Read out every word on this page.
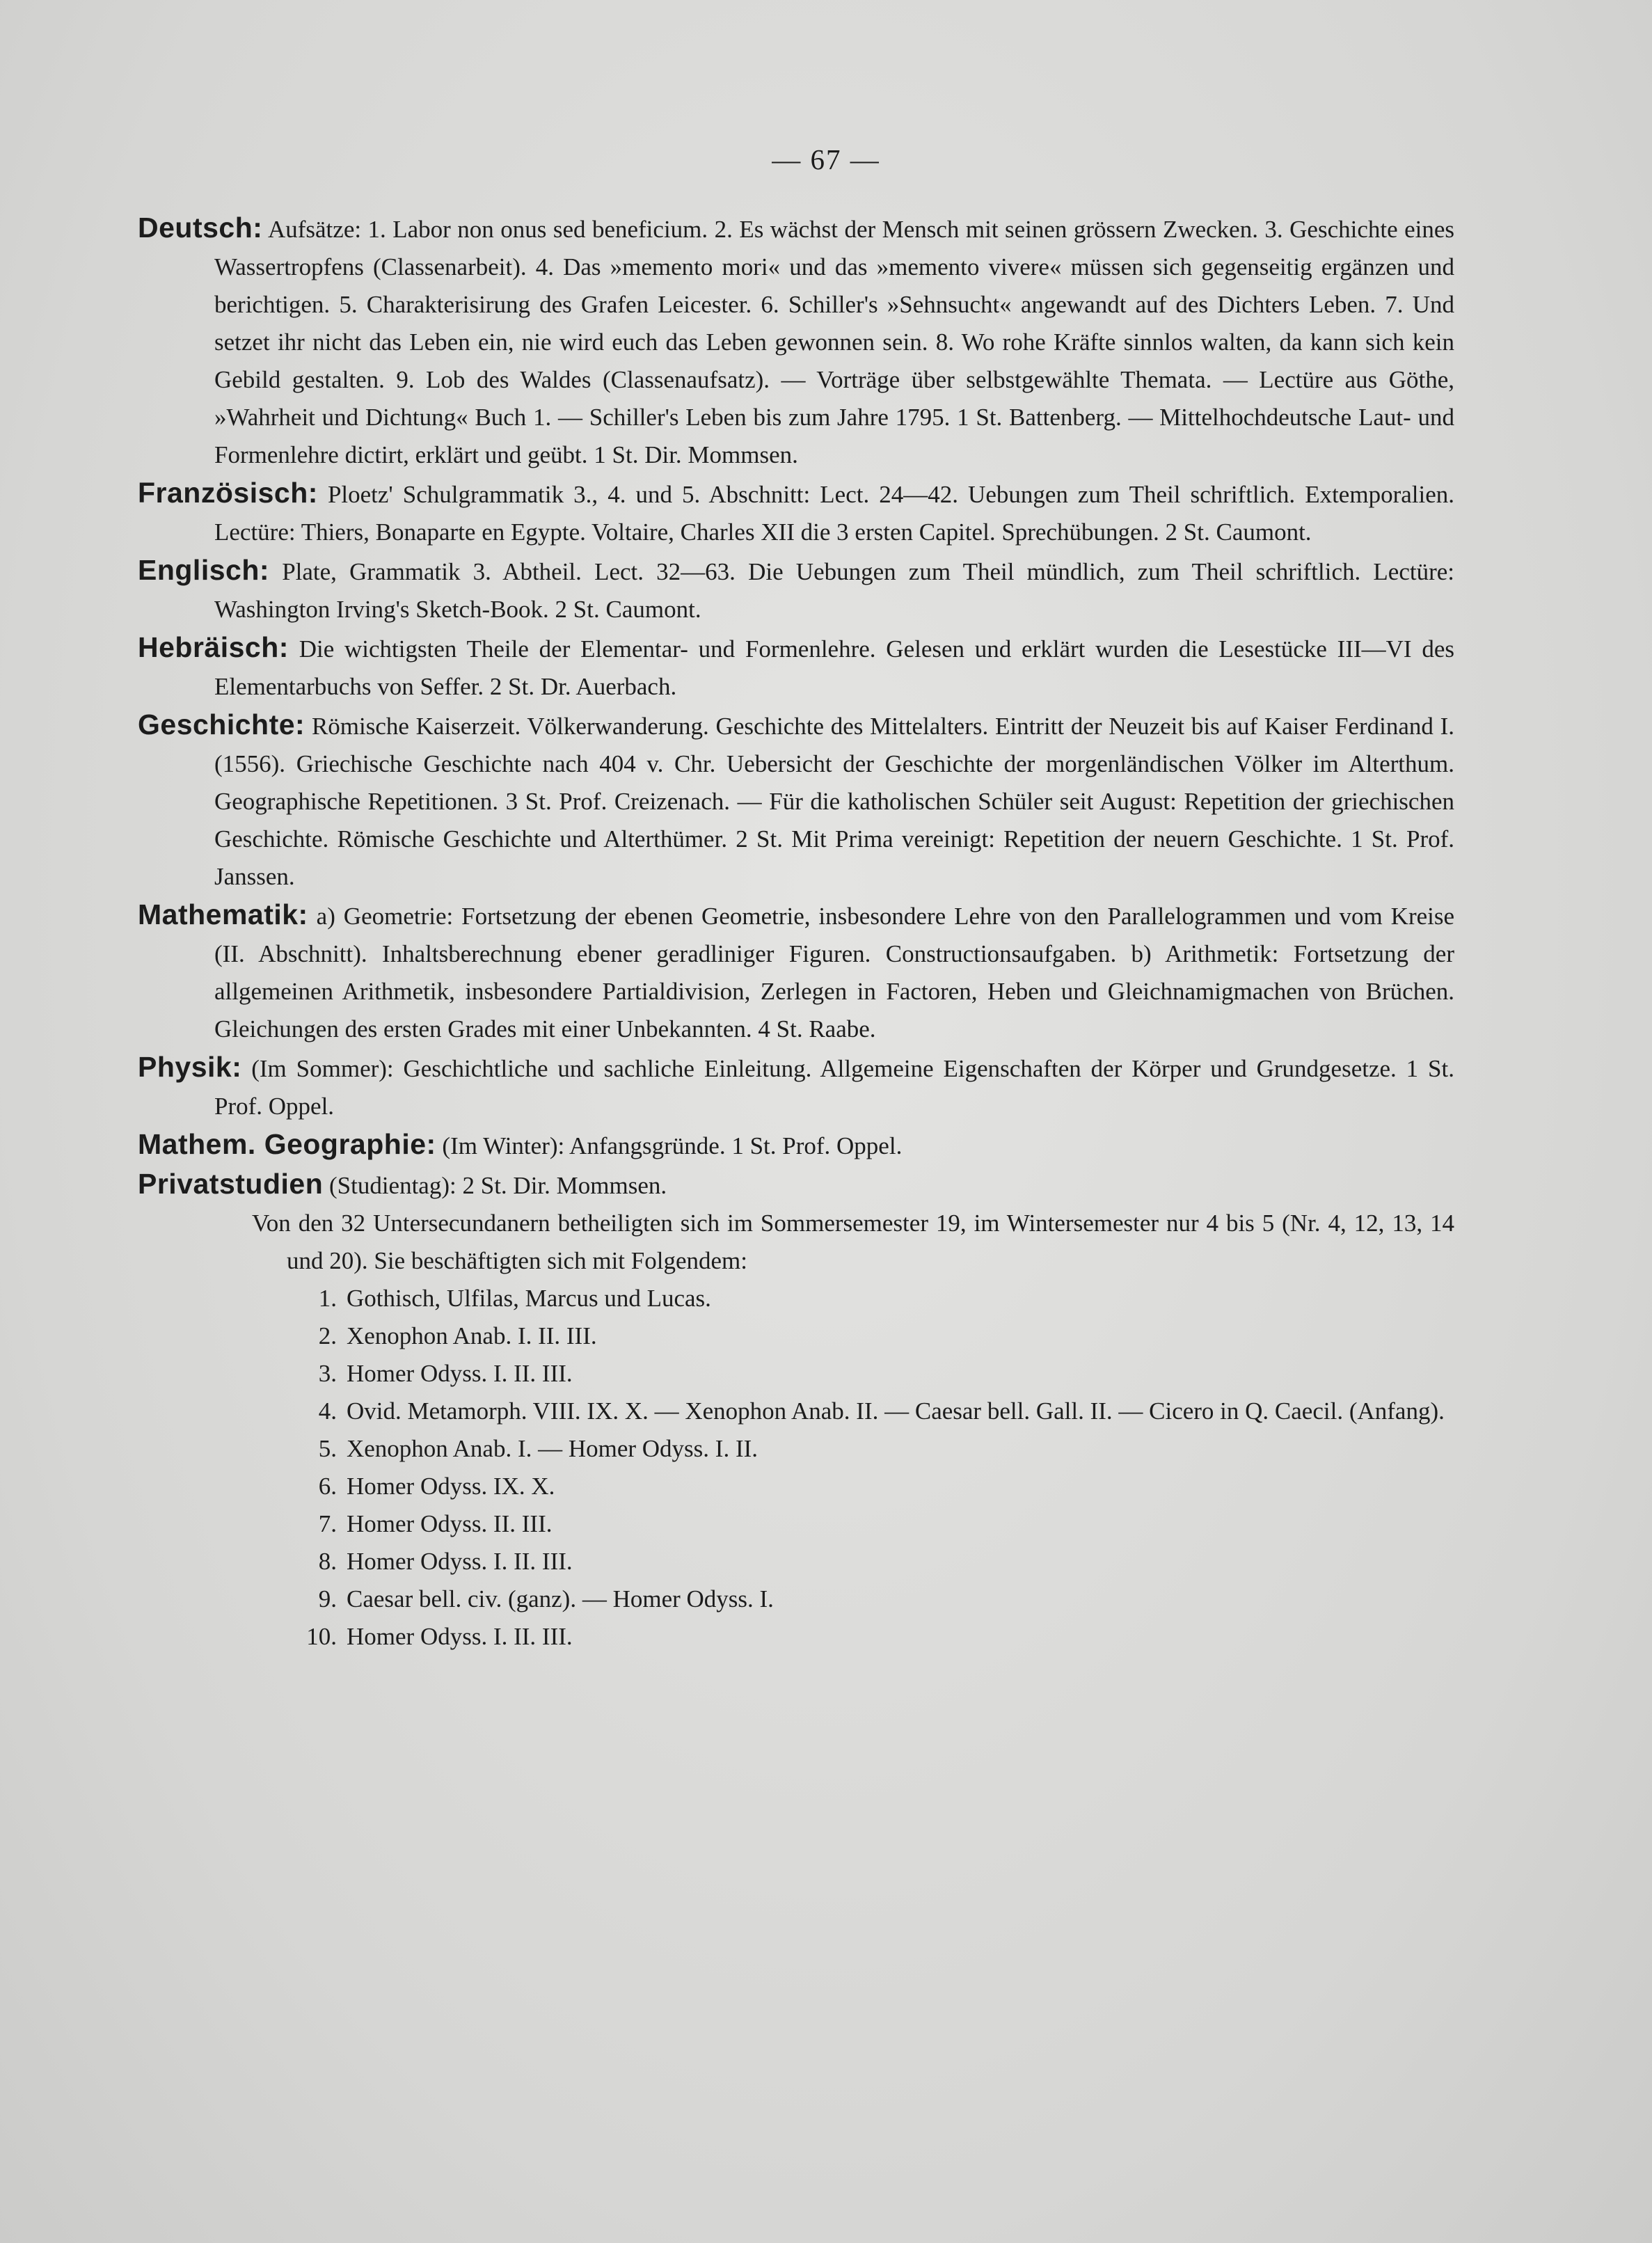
— 67 —

Deutsch: Aufsätze: 1. Labor non onus sed beneficium. 2. Es wächst der Mensch mit seinen grössern Zwecken. 3. Geschichte eines Wassertropfens (Classenarbeit). 4. Das »memento mori« und das »memento vivere« müssen sich gegenseitig ergänzen und berichtigen. 5. Charakterisirung des Grafen Leicester. 6. Schiller's »Sehnsucht« angewandt auf des Dichters Leben. 7. Und setzet ihr nicht das Leben ein, nie wird euch das Leben gewonnen sein. 8. Wo rohe Kräfte sinnlos walten, da kann sich kein Gebild gestalten. 9. Lob des Waldes (Classenaufsatz). — Vorträge über selbstgewählte Themata. — Lectüre aus Göthe, »Wahrheit und Dichtung« Buch 1. — Schiller's Leben bis zum Jahre 1795. 1 St. Battenberg. — Mittelhochdeutsche Laut- und Formenlehre dictirt, erklärt und geübt. 1 St. Dir. Mommsen.

Französisch: Ploetz' Schulgrammatik 3., 4. und 5. Abschnitt: Lect. 24—42. Uebungen zum Theil schriftlich. Extemporalien. Lectüre: Thiers, Bonaparte en Egypte. Voltaire, Charles XII die 3 ersten Capitel. Sprechübungen. 2 St. Caumont.

Englisch: Plate, Grammatik 3. Abtheil. Lect. 32—63. Die Uebungen zum Theil mündlich, zum Theil schriftlich. Lectüre: Washington Irving's Sketch-Book. 2 St. Caumont.

Hebräisch: Die wichtigsten Theile der Elementar- und Formenlehre. Gelesen und erklärt wurden die Lesestücke III—VI des Elementarbuchs von Seffer. 2 St. Dr. Auerbach.

Geschichte: Römische Kaiserzeit. Völkerwanderung. Geschichte des Mittelalters. Eintritt der Neuzeit bis auf Kaiser Ferdinand I. (1556). Griechische Geschichte nach 404 v. Chr. Uebersicht der Geschichte der morgenländischen Völker im Alterthum. Geographische Repetitionen. 3 St. Prof. Creizenach. — Für die katholischen Schüler seit August: Repetition der griechischen Geschichte. Römische Geschichte und Alterthümer. 2 St. Mit Prima vereinigt: Repetition der neuern Geschichte. 1 St. Prof. Janssen.

Mathematik: a) Geometrie: Fortsetzung der ebenen Geometrie, insbesondere Lehre von den Parallelogrammen und vom Kreise (II. Abschnitt). Inhaltsberechnung ebener geradliniger Figuren. Constructionsaufgaben. b) Arithmetik: Fortsetzung der allgemeinen Arithmetik, insbesondere Partialdivision, Zerlegen in Factoren, Heben und Gleichnamigmachen von Brüchen. Gleichungen des ersten Grades mit einer Unbekannten. 4 St. Raabe.

Physik: (Im Sommer): Geschichtliche und sachliche Einleitung. Allgemeine Eigenschaften der Körper und Grundgesetze. 1 St. Prof. Oppel.

Mathem. Geographie: (Im Winter): Anfangsgründe. 1 St. Prof. Oppel.

Privatstudien (Studientag): 2 St. Dir. Mommsen.

Von den 32 Untersecundanern betheiligten sich im Sommersemester 19, im Wintersemester nur 4 bis 5 (Nr. 4, 12, 13, 14 und 20). Sie beschäftigten sich mit Folgendem:

1. Gothisch, Ulfilas, Marcus und Lucas.
2. Xenophon Anab. I. II. III.
3. Homer Odyss. I. II. III.
4. Ovid. Metamorph. VIII. IX. X. — Xenophon Anab. II. — Caesar bell. Gall. II. — Cicero in Q. Caecil. (Anfang).
5. Xenophon Anab. I. — Homer Odyss. I. II.
6. Homer Odyss. IX. X.
7. Homer Odyss. II. III.
8. Homer Odyss. I. II. III.
9. Caesar bell. civ. (ganz). — Homer Odyss. I.
10. Homer Odyss. I. II. III.
